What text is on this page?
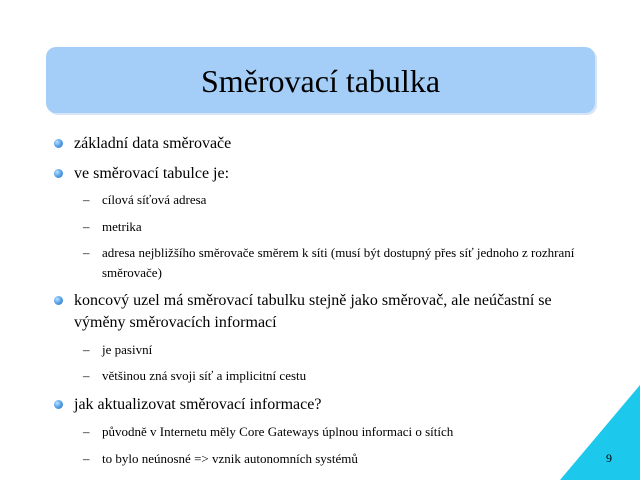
Směrovací tabulka
základní data směrovače
ve směrovací tabulce je:
– cílová síťová adresa
– metrika
– adresa nejbližšího směrovače směrem k síti (musí být dostupný přes síť jednoho z rozhraní směrovače)
koncový uzel má směrovací tabulku stejně jako směrovač, ale neúčastní se výměny směrovacích informací
– je pasivní
– většinou zná svoji síť a implicitní cestu
jak aktualizovat směrovací informace?
– původně v Internetu měly Core Gateways úplnou informaci o sítích
– to bylo neúnosné => vznik autonomních systémů	9
